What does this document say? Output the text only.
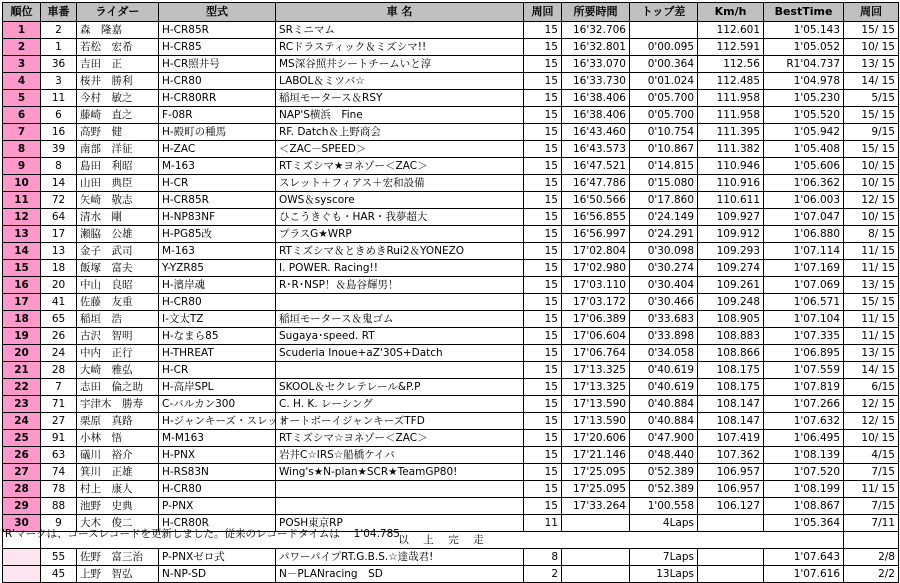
順位	車番	ライダー	型式	車 名	周回	所要時間	トップ差	Km/h	BestTime	周回
1	2	森　隆嘉	H-CR85R	SRミニマム	15	16'32.706		112.601	1'05.143	15/ 15
2	1	若松　宏希	H-CR85	RCドラスティック＆ミズシマ!!	15	16'32.801	0'00.095	112.591	1'05.052	10/ 15
3	36	吉田　正	H-CR照井号	MS深谷照井シートチームいと淳	15	16'33.070	0'00.364	112.56	R1'04.737	13/ 15
4	3	桜井　勝利	H-CR80	LABOL＆ミツバ☆	15	16'33.730	0'01.024	112.485	1'04.978	14/ 15
5	11	今村　敏之	H-CR80RR	稲垣モータース＆RSY	15	16'38.406	0'05.700	111.958	1'05.230	5/15
6	6	藤崎　直之	F-08R	NAP'S横浜　Fine	15	16'38.406	0'05.700	111.958	1'05.520	15/ 15
7	16	高野　健	H-殿町の種馬	RF. Datch＆上野商会	15	16'43.460	0'10.754	111.395	1'05.942	9/15
8	39	南部　洋征	H-ZAC	＜ZAC－SPEED＞	15	16'43.573	0'10.867	111.382	1'05.408	15/ 15
9	8	島田　利昭	M-163	RTミズシマ★ヨネゾー＜ZAC＞	15	16'47.521	0'14.815	110.946	1'05.606	10/ 15
10	14	山田　典臣	H-CR	スレット＋フィアス＋宏和設備	15	16'47.786	0'15.080	110.916	1'06.362	10/ 15
11	72	矢崎　敬志	H-CR85R	OWS＆syscore	15	16'50.566	0'17.860	110.611	1'06.003	12/ 15
12	64	清水　剛	H-NP83NF	ひこうきぐも・HAR・我夢超大	15	16'56.855	0'24.149	109.927	1'07.047	10/ 15
13	17	瀬脇　公雄	H-PG85改	プラスG★WRP	15	16'56.997	0'24.291	109.912	1'06.880	8/ 15
14	13	金子　武司	M-163	RTミズシマ＆ときめきRui2＆YONEZO	15	17'02.804	0'30.098	109.293	1'07.114	11/ 15
15	18	飯塚　富夫	Y-YZR85	I. POWER. Racing!!	15	17'02.980	0'30.274	109.274	1'07.169	11/ 15
16	20	中山　良昭	H-濱岸魂	R･R･NSP！＆島谷輝男！	15	17'03.110	0'30.404	109.261	1'07.069	13/ 15
17	41	佐藤　友重	H-CR80		15	17'03.172	0'30.466	109.248	1'06.571	15/ 15
18	65	稲垣　浩	I-文太TZ	稲垣モータース＆鬼ゴム	15	17'06.389	0'33.683	108.905	1'07.104	11/ 15
19	26	古沢　智明	H-なまら85	Sugaya･speed. RT	15	17'06.604	0'33.898	108.883	1'07.335	11/ 15
20	24	中内　正行	H-THREAT	Scuderia Inoue+aZ'30S+Datch	15	17'06.764	0'34.058	108.866	1'06.895	13/ 15
21	28	大崎　雅弘	H-CR		15	17'13.325	0'40.619	108.175	1'07.559	14/ 15
22	7	志田　倫之助	H-高岸SPL	SKOOL＆セクレテレール&P.P	15	17'13.325	0'40.619	108.175	1'07.819	6/15
23	71	宇津木　勝寿	C-バルカン300	C. H. K. レーシング	15	17'13.590	0'40.884	108.147	1'07.266	12/ 15
24	27	栗原　真路	H-ジャンキーズ・スレット	オートボーイジャンキーズTFD	15	17'13.590	0'40.884	108.147	1'07.632	12/ 15
25	91	小林　悟	M-M163	RTミズシマ☆ヨネゾー＜ZAC＞	15	17'20.606	0'47.900	107.419	1'06.495	10/ 15
26	63	礒川　裕介	H-PNX	岩井C☆IRS☆船橋ケイバ	15	17'21.146	0'48.440	107.362	1'08.139	4/15
27	74	箕川　正雄	H-RS83N	Wing's★N-plan★SCR★TeamGP80!	15	17'25.095	0'52.389	106.957	1'07.520	7/15
28	78	村上　康人	H-CR80		15	17'25.095	0'52.389	106.957	1'08.199	11/ 15
29	88	池野　史典	P-PNX		15	17'33.264	1'00.558	106.127	1'08.867	7/15
30	9	大木　俊二	H-CR80R	POSH東京RP	11		4Laps		1'05.364	7/11
	以　上　完　走									
	55	佐野　富三治	P-PNXゼロ式	パワーパイプRT.G.B.S.☆達哉君!	8		7Laps		1'07.643	2/8
	45	上野　智弘	N-NP-SD	N－PLANracing　SD	2		13Laps		1'07.616	2/2
'R'マークは、コースレコードを更新しました。従来のレコードタイムは　 1'04.785
